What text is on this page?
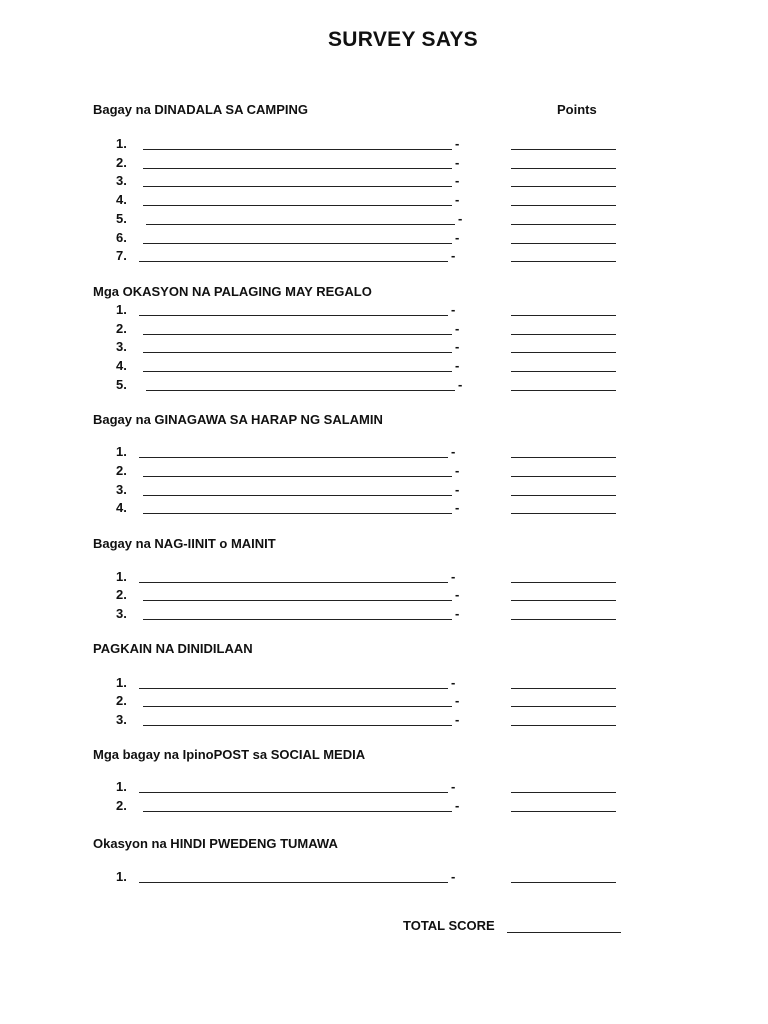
SURVEY SAYS
Points
Bagay na DINADALA SA CAMPING
1.	-
2.	-
3.	-
4.	-
5.	-
6.	-
7.	-
Mga OKASYON NA PALAGING MAY REGALO
1.	-
2.	-
3.	-
4.	-
5.	-
Bagay na GINAGAWA SA HARAP NG SALAMIN
1.	-
2.	-
3.	-
4.	-
Bagay na NAG-IINIT o MAINIT
1.	-
2.	-
3.	-
PAGKAIN NA DINIDILAAN
1.	-
2.	-
3.	-
Mga bagay na IpinoPOST sa SOCIAL MEDIA
1.	-
2.	-
Okasyon na HINDI PWEDENG TUMAWA
1.	-
TOTAL SCORE
